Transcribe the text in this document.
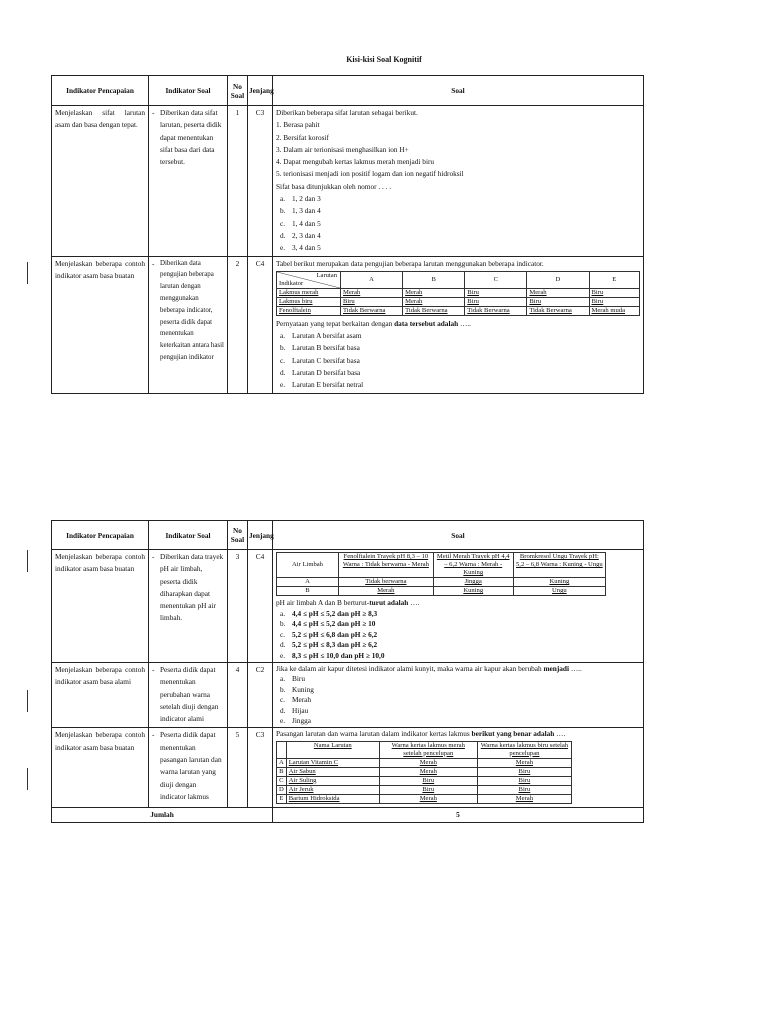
Kisi-kisi Soal Kognitif
Indikator Pencapaian	Indikator Soal	No Soal	Jenjang	Soal
Menjelaskan sifat larutan asam dan basa dengan tepat.	
- Diberikan data sifat larutan, peserta didik dapat menentukan sifat basa dari data tersebut.
	1	C3	Diberikan beberapa sifat larutan sebagai berikut.
1. Berasa pahit
2. Bersifat korosif
3. Dalam air terionisasi menghasilkan ion H+
4. Dapat mengubah kertas lakmus merah menjadi biru
5. terionisasi menjadi ion positif logam dan ion negatif hidroksil
Sifat basa ditunjukkan oleh nomor . . . .
a. 1, 2 dan 3
b. 1, 3 dan 4
c. 1, 4 dan 5
d. 2, 3 dan 4
e. 3, 4 dan 5

Menjelaskan beberapa contoh indikator asam basa buatan	
- Diberikan data pengujian beberapa larutan dengan menggunakan beberapa indicator, peserta didik dapat menentukan keterkaitan antara hasil pengujian indikator
	2	C4	Tabel berikut merupakan data pengujian beberapa larutan menggunakan beberapa indicator.
Larutan
Indikator
	A	B	C	D	E
Lakmus merah	Merah	Merah	Biru	Merah	Biru
Lakmus biru	Biru	Merah	Biru	Biru	Biru
Fenolftalein	Tidak Berwarna	Tidak Berwarna	Tidak Berwarna	Tidak Berwarna	Merah muda
Pernyataan yang tepat berkaitan dengan data tersebut adalah …..
a. Larutan A bersifat asam
b. Larutan B bersifat basa
c. Larutan C bersifat basa
d. Larutan D bersifat basa
e. Larutan E bersifat netral
Indikator Pencapaian	Indikator Soal	No Soal	Jenjang	Soal
Menjelaskan beberapa contoh indikator asam basa buatan	
- Diberikan data trayek pH air limbah, peserta didik diharapkan dapat menentukan pH air limbah.
	3	C4	
Air Limbah	Fenolftalein Trayek pH 8,3 – 10 Warna : Tidak berwarna - Merah	Metil Merah Trayek pH 4,4 – 6,2 Warna : Merah - Kuning	Bromkresol Ungu Trayek pH: 5,2 – 6,8 Warna : Kuning - Ungu
A	Tidak berwarna	Jingga	Kuning
B	Merah	Kuning	Ungu
pH air limbah A dan B berturut-turut adalah ….
a. 4,4 ≤ pH ≤ 5,2 dan pH ≥ 8,3
b. 4,4 ≤ pH ≤ 5,2 dan pH ≥ 10
c. 5,2 ≤ pH ≤ 6,8 dan pH ≥ 6,2
d. 5,2 ≤ pH ≤ 8,3 dan pH ≥ 6,2
e. 8,3 ≤ pH ≤ 10,0 dan pH ≥ 10,0

Menjelaskan beberapa contoh indikator asam basa alami	
- Peserta didik dapat menentukan perubahan warna setelah diuji dengan indicator alami
	4	C2	Jika ke dalam air kapur ditetesi indikator alami kunyit, maka warna air kapur akan berubah menjadi …..
a. Biru
b. Kuning
c. Merah
d. Hijau
e. Jingga

Menjelaskan beberapa contoh indikator asam basa buatan	
- Peserta didik dapat menentukan pasangan larutan dan warna larutan yang diuji dengan indicator lakmus
	5	C3	Pasangan larutan dan warna larutan dalam indikator kertas lakmus berikut yang benar adalah ….
	Nama Larutan	Warna kertas lakmus merah setelah pencelupan	Warna kertas lakmus biru setelah pencelupan
A	Larutan Vitamin C	Merah	Merah
B	Air Sabun	Merah	Biru
C	Air Suling	Biru	Biru
D	Air Jeruk	Biru	Biru
E	Barium Hidroksida	Merah	Merah

Jumlah	5
